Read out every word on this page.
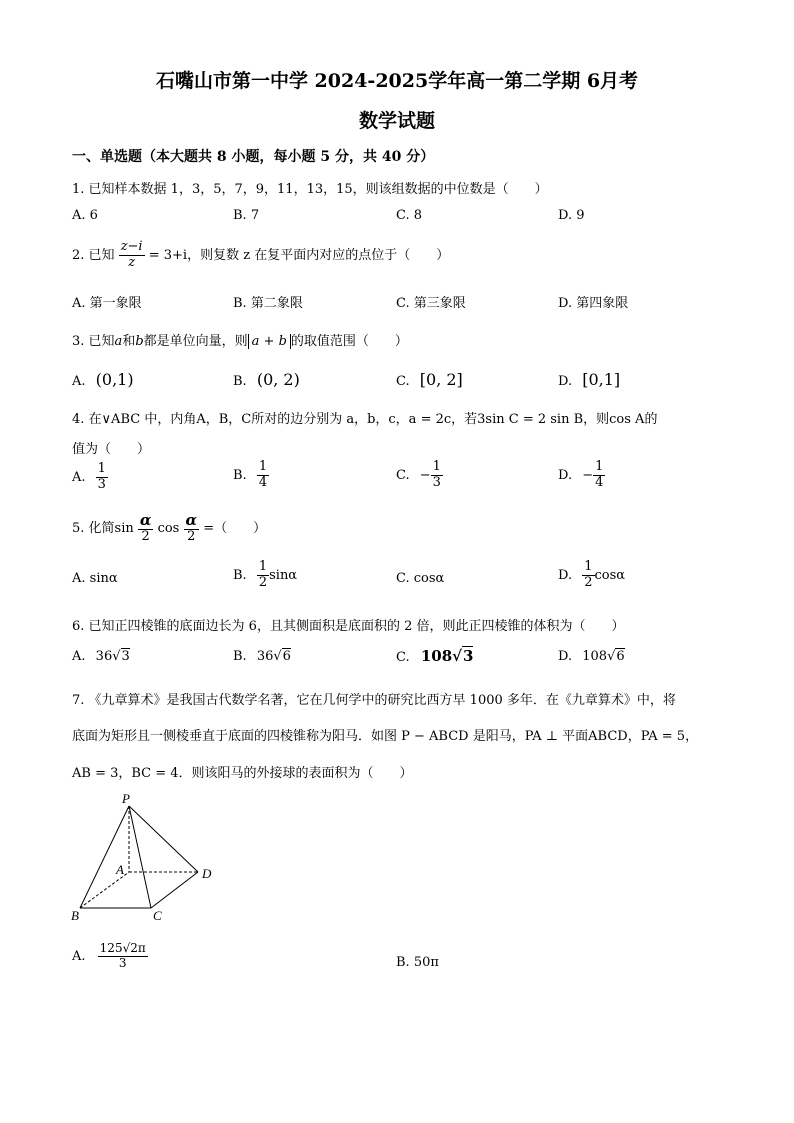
石嘴山市第一中学 2024-2025学年高一第二学期 6月考
数学试题
一、单选题（本大题共 8 小题，每小题 5 分，共 40 分）
1. 已知样本数据 1，3，5，7，9，11，13，15，则该组数据的中位数是（　　）
A. 6	B. 7	C. 8	D. 9
2. 已知 $\frac{z-i}{z} = 3+i$，则复数 z 在复平面内对应的点位于（　　）
A. 第一象限	B. 第二象限	C. 第三象限	D. 第四象限
3. 已知a和b都是单位向量，则 a + b 的取值范围（　　）
A. (0,1)	B. (0, 2)	C. [0, 2]	D. [0,1]
4. 在∨ABC 中，内角A，B，C所对的边分别为 a，b，c，a = 2c，若3sin C = 2 sin B，则cos A的
值为（　　）
A. $\frac{1}{3}$	B. $\frac{1}{4}$	C. − $\frac{1}{3}$	D. − $\frac{1}{4}$
5. 化简$\sin \frac{\alpha}{2}$ $\cos \frac{\alpha}{2}$ =（　　）
A. sinα	B. $\frac{1}{2}$ sinα	C. cosα	D. $\frac{1}{2}$ cosα
6. 已知正四棱锥的底面边长为 6，且其侧面积是底面积的 2 倍，则此正四棱锥的体积为（　　）
A. 36√3	B. 36√6	C. 108√3	D. 108√6
7. 《九章算术》是我国古代数学名著，它在几何学中的研究比西方早 1000 多年．在《九章算术》中，将
底面为矩形且一侧棱垂直于底面的四棱锥称为阳马．如图 P − ABCD 是阳马，PA ⊥ 平面ABCD，PA = 5，
AB = 3，BC = 4．则该阳马的外接球的表面积为（　　）
P
A
B	C
D
A. $\frac{125√2\pi}{3}$	B. 50π
